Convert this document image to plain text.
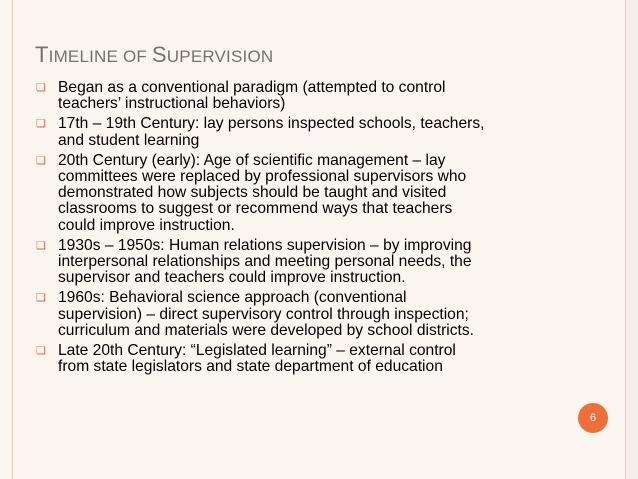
TIMELINE OF SUPERVISION
❏ Began as a conventional paradigm (attempted to control
teachers’ instructional behaviors)
❏ 17th – 19th Century: lay persons inspected schools, teachers,
and student learning
❏ 20th Century (early): Age of scientific management – lay
committees were replaced by professional supervisors who
demonstrated how subjects should be taught and visited
classrooms to suggest or recommend ways that teachers
could improve instruction.
❏ 1930s – 1950s: Human relations supervision – by improving
interpersonal relationships and meeting personal needs, the
supervisor and teachers could improve instruction.
❏ 1960s: Behavioral science approach (conventional
supervision) – direct supervisory control through inspection;
curriculum and materials were developed by school districts.
❏ Late 20th Century: “Legislated learning” – external control
from state legislators and state department of education
6
